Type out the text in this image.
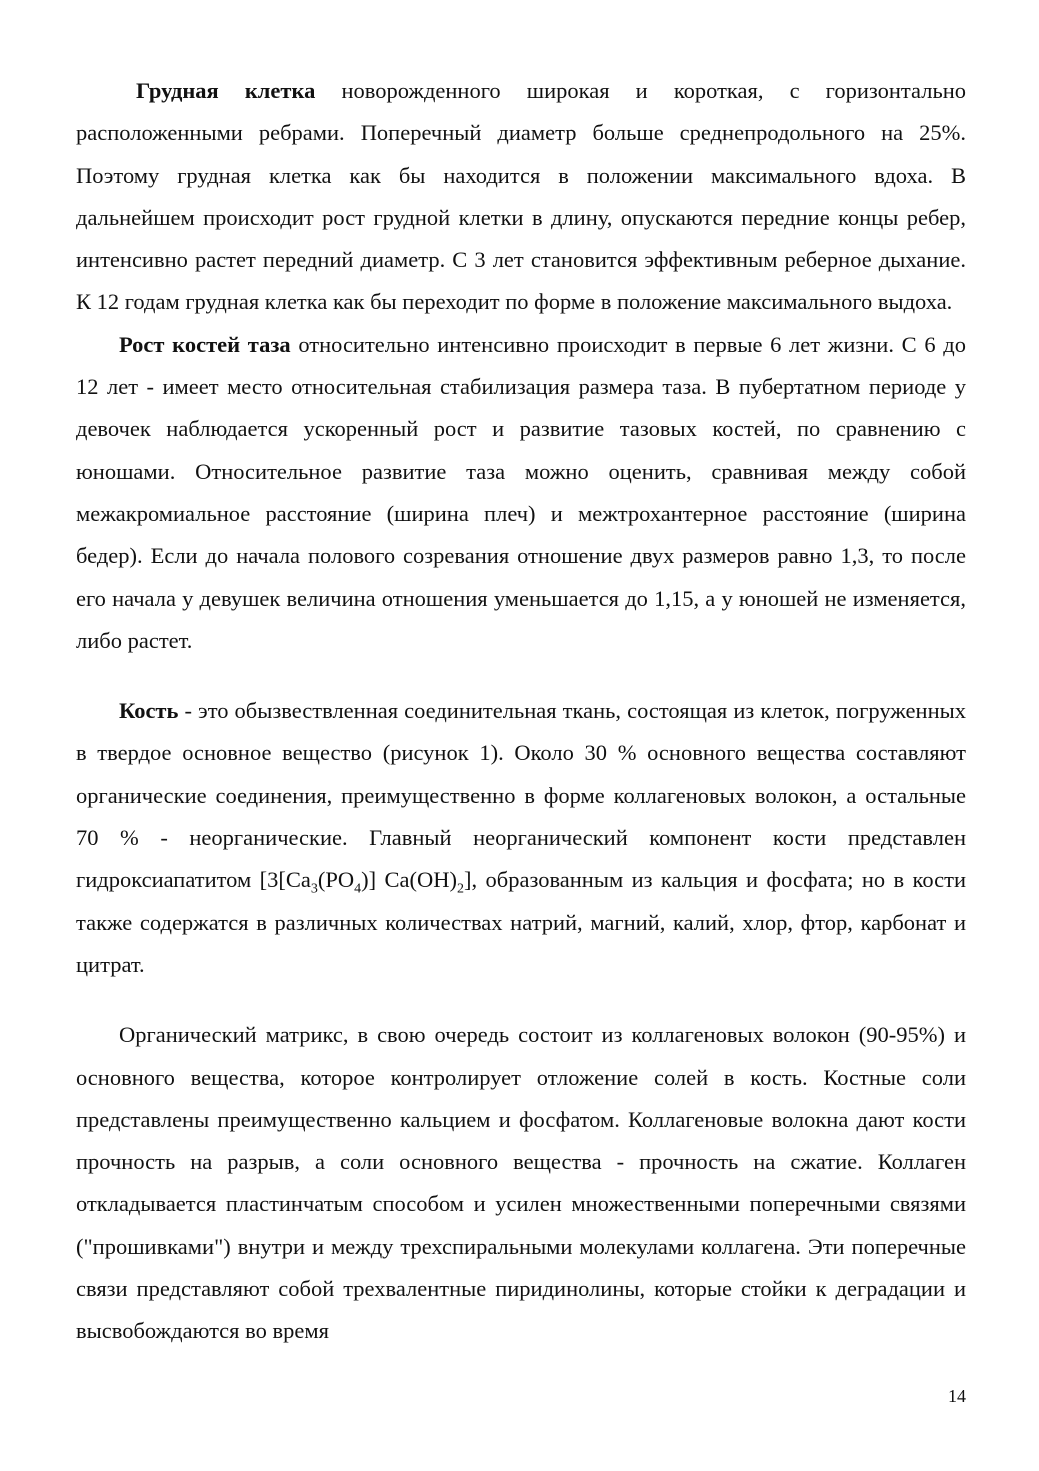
Грудная клетка новорожденного широкая и короткая, с горизонтально расположенными ребрами. Поперечный диаметр больше среднепродольного на 25%. Поэтому грудная клетка как бы находится в положении максимального вдоха. В дальнейшем происходит рост грудной клетки в длину, опускаются передние концы ребер, интенсивно растет передний диаметр. С 3 лет становится эффективным реберное дыхание. К 12 годам грудная клетка как бы переходит по форме в положение максимального выдоха.

Рост костей таза относительно интенсивно происходит в первые 6 лет жизни. С 6 до 12 лет - имеет место относительная стабилизация размера таза. В пубертатном периоде у девочек наблюдается ускоренный рост и развитие тазовых костей, по сравнению с юношами. Относительное развитие таза можно оценить, сравнивая между собой межакромиальное расстояние (ширина плеч) и межтрохантерное расстояние (ширина бедер). Если до начала полового созревания отношение двух размеров равно 1,3, то после его начала у девушек величина отношения уменьшается до 1,15, а у юношей не изменяется, либо растет.

Кость - это обызвествленная соединительная ткань, состоящая из клеток, погруженных в твердое основное вещество (рисунок 1). Около 30 % основного вещества составляют органические соединения, преимущественно в форме коллагеновых волокон, а остальные 70 % - неорганические. Главный неорганический компонент кости представлен гидроксиапатитом [$3[Ca_3(PO_4)]$ $Ca(OH)_2$], образованным из кальция и фосфата; но в кости также содержатся в различных количествах натрий, магний, калий, хлор, фтор, карбонат и цитрат.

Органический матрикс, в свою очередь состоит из коллагеновых волокон (90-95%) и основного вещества, которое контролирует отложение солей в кость. Костные соли представлены преимущественно кальцием и фосфатом. Коллагеновые волокна дают кости прочность на разрыв, а соли основного вещества - прочность на сжатие. Коллаген откладывается пластинчатым способом и усилен множественными поперечными связями ("прошивками") внутри и между трехспиральными молекулами коллагена. Эти поперечные связи представляют собой трехвалентные пиридинолины, которые стойки к деградации и высвобождаются во время

14
